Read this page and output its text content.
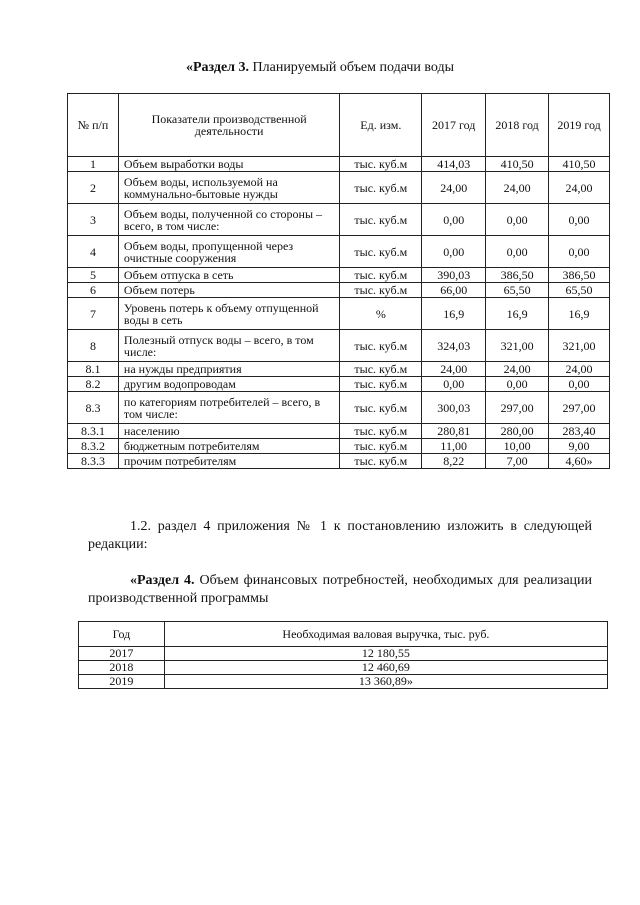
«Раздел 3. Планируемый объем подачи воды
№ п/п	Показатели производственной деятельности	Ед. изм.	2017 год	2018 год	2019 год
1	Объем выработки воды	тыс. куб.м	414,03	410,50	410,50
2	Объем воды, используемой на коммунально-бытовые нужды	тыс. куб.м	24,00	24,00	24,00
3	Объем воды, полученной со стороны – всего, в том числе:	тыс. куб.м	0,00	0,00	0,00
4	Объем воды, пропущенной через очистные сооружения	тыс. куб.м	0,00	0,00	0,00
5	Объем отпуска в сеть	тыс. куб.м	390,03	386,50	386,50
6	Объем потерь	тыс. куб.м	66,00	65,50	65,50
7	Уровень потерь к объему отпущенной воды в сеть	%	16,9	16,9	16,9
8	Полезный отпуск воды – всего, в том числе:	тыс. куб.м	324,03	321,00	321,00
8.1	на нужды предприятия	тыс. куб.м	24,00	24,00	24,00
8.2	другим водопроводам	тыс. куб.м	0,00	0,00	0,00
8.3	по категориям потребителей – всего, в том числе:	тыс. куб.м	300,03	297,00	297,00
8.3.1	населению	тыс. куб.м	280,81	280,00	283,40
8.3.2	бюджетным потребителям	тыс. куб.м	11,00	10,00	9,00
8.3.3	прочим потребителям	тыс. куб.м	8,22	7,00	4,60»
1.2. раздел 4 приложения № 1 к постановлению изложить в следующей редакции:
«Раздел 4. Объем финансовых потребностей, необходимых для реализации производственной программы
Год	Необходимая валовая выручка, тыс. руб.
2017	12 180,55
2018	12 460,69
2019	13 360,89»
